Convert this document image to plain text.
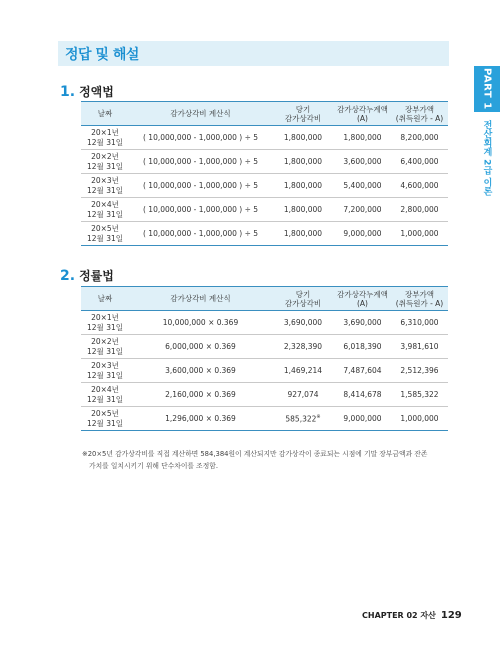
정답 및 해설
PART 1
전산회계 2급 이론
1. 정액법
날짜	감가상각비 계산식	당기
감가상각비	감가상각누계액
(A)	장부가액
(취득원가 - A)
20×1년
12월 31일	( 10,000,000 - 1,000,000 ) ÷ 5	1,800,000	1,800,000	8,200,000
20×2년
12월 31일	( 10,000,000 - 1,000,000 ) ÷ 5	1,800,000	3,600,000	6,400,000
20×3년
12월 31일	( 10,000,000 - 1,000,000 ) ÷ 5	1,800,000	5,400,000	4,600,000
20×4년
12월 31일	( 10,000,000 - 1,000,000 ) ÷ 5	1,800,000	7,200,000	2,800,000
20×5년
12월 31일	( 10,000,000 - 1,000,000 ) ÷ 5	1,800,000	9,000,000	1,000,000
2. 정률법
날짜	감가상각비 계산식	당기
감가상각비	감가상각누계액
(A)	장부가액
(취득원가 - A)
20×1년
12월 31일	10,000,000 × 0.369	3,690,000	3,690,000	6,310,000
20×2년
12월 31일	6,000,000 × 0.369	2,328,390	6,018,390	3,981,610
20×3년
12월 31일	3,600,000 × 0.369	1,469,214	7,487,604	2,512,396
20×4년
12월 31일	2,160,000 × 0.369	927,074	8,414,678	1,585,322
20×5년
12월 31일	1,296,000 × 0.369	585,322※	9,000,000	1,000,000
※20×5년 감가상각비를 직접 계산하면 584,384원이 계산되지만 감가상각이 종료되는 시점에 기말 장부금액과 잔존
가치를 일치시키기 위해 단수차이를 조정함.
CHAPTER 02 자산 129
